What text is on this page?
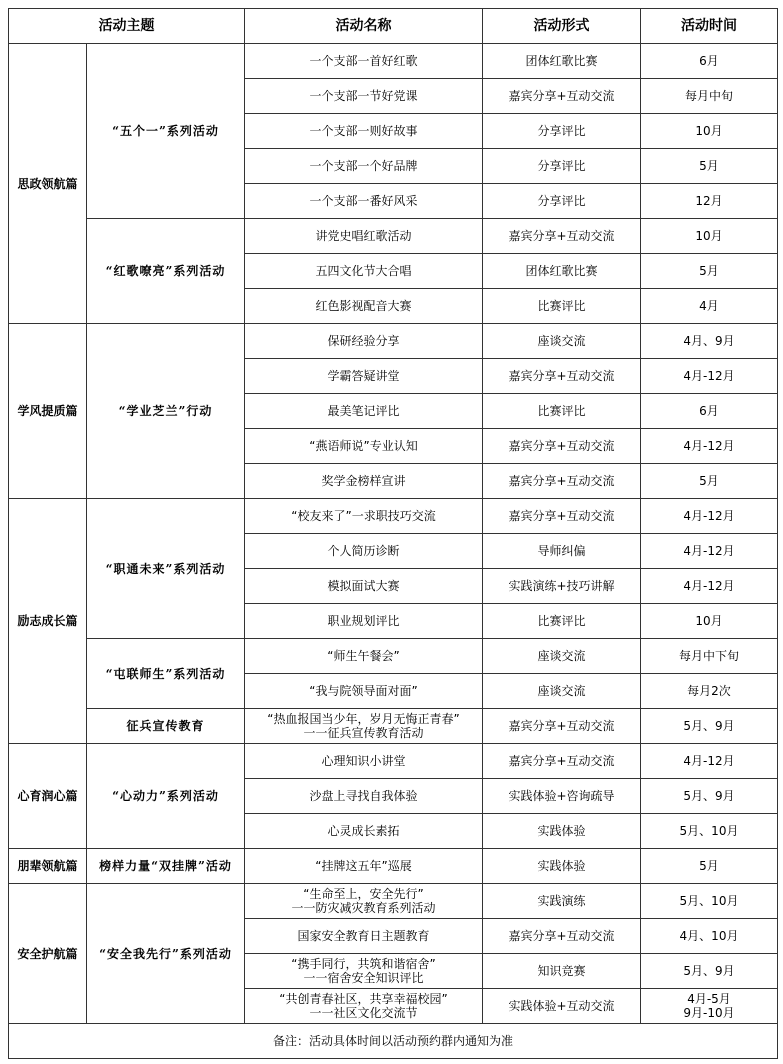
活动主题		活动名称	活动形式	活动时间
思政领航篇	“五个一”系列活动	一个支部一首好红歌	团体红歌比赛	6月
		一个支部一节好党课	嘉宾分享+互动交流	每月中旬
		一个支部一则好故事	分享评比	10月
		一个支部一个好品牌	分享评比	5月
		一个支部一番好风采	分享评比	12月
	“红歌嘹亮”系列活动	讲党史唱红歌活动	嘉宾分享+互动交流	10月
		五四文化节大合唱	团体红歌比赛	5月
		红色影视配音大赛	比赛评比	4月
学风提质篇	“学业芝兰”行动	保研经验分享	座谈交流	4月、9月
		学霸答疑讲堂	嘉宾分享+互动交流	4月-12月
		最美笔记评比	比赛评比	6月
		“燕语师说”专业认知	嘉宾分享+互动交流	4月-12月
		奖学金榜样宣讲	嘉宾分享+互动交流	5月
励志成长篇	“职通未来”系列活动	“校友来了”一求职技巧交流	嘉宾分享+互动交流	4月-12月
		个人简历诊断	导师纠偏	4月-12月
		模拟面试大赛	实践演练+技巧讲解	4月-12月
		职业规划评比	比赛评比	10月
	“屯联师生”系列活动	“师生午餐会”	座谈交流	每月中下旬
		“我与院领导面对面”	座谈交流	每月2次
	征兵宣传教育	“热血报国当少年，岁月无悔正青春”
一一征兵宣传教育活动	嘉宾分享+互动交流	5月、9月
心育润心篇	“心动力”系列活动	心理知识小讲堂	嘉宾分享+互动交流	4月-12月
		沙盘上寻找自我体验	实践体验+咨询疏导	5月、9月
		心灵成长素拓	实践体验	5月、10月
朋辈领航篇	榜样力量“双挂牌”活动	“挂牌这五年”巡展	实践体验	5月
安全护航篇	“安全我先行”系列活动	“生命至上，安全先行”
一一防灾减灾教育系列活动	实践演练	5月、10月
		国家安全教育日主题教育	嘉宾分享+互动交流	4月、10月
		“携手同行，共筑和谐宿舍”
一一宿舍安全知识评比	知识竞赛	5月、9月
		“共创青春社区，共享幸福校园”
一一社区文化交流节	实践体验+互动交流	4月-5月
9月-10月
备注：活动具体时间以活动预约群内通知为准				
